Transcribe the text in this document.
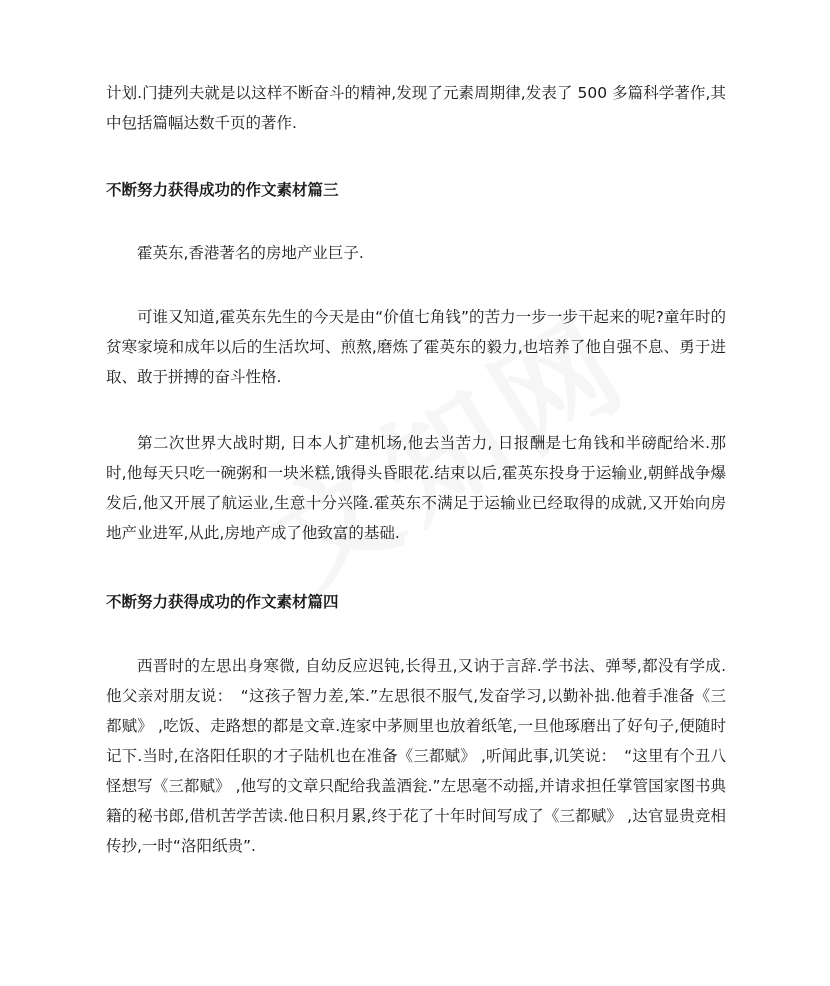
计划.门捷列夫就是以这样不断奋斗的精神,发现了元素周期律,发表了 500 多篇科学著作,其中包括篇幅达数千页的著作.

不断努力获得成功的作文素材篇三

霍英东,香港著名的房地产业巨子.

可谁又知道,霍英东先生的今天是由“价值七角钱”的苦力一步一步干起来的呢?童年时的贫寒家境和成年以后的生活坎坷、煎熬,磨炼了霍英东的毅力,也培养了他自强不息、勇于进取、敢于拼搏的奋斗性格.

第二次世界大战时期, 日本人扩建机场,他去当苦力, 日报酬是七角钱和半磅配给米.那时,他每天只吃一碗粥和一块米糕,饿得头昏眼花.结束以后,霍英东投身于运输业,朝鲜战争爆发后,他又开展了航运业,生意十分兴隆.霍英东不满足于运输业已经取得的成就,又开始向房地产业进军,从此,房地产成了他致富的基础.

不断努力获得成功的作文素材篇四

西晋时的左思出身寒微, 自幼反应迟钝,长得丑,又讷于言辞.学书法、弹琴,都没有学成.他父亲对朋友说：　“这孩子智力差,笨.”左思很不服气,发奋学习,以勤补拙.他着手准备《三都赋》 ,吃饭、走路想的都是文章.连家中茅厕里也放着纸笔,一旦他琢磨出了好句子,便随时记下.当时,在洛阳任职的才子陆机也在准备《三都赋》 ,听闻此事,讥笑说：　“这里有个丑八怪想写《三都赋》 ,他写的文章只配给我盖酒瓮.”左思毫不动摇,并请求担任掌管国家图书典籍的秘书郎,借机苦学苦读.他日积月累,终于花了十年时间写成了《三都赋》 ,达官显贵竞相传抄,一时“洛阳纸贵”.
